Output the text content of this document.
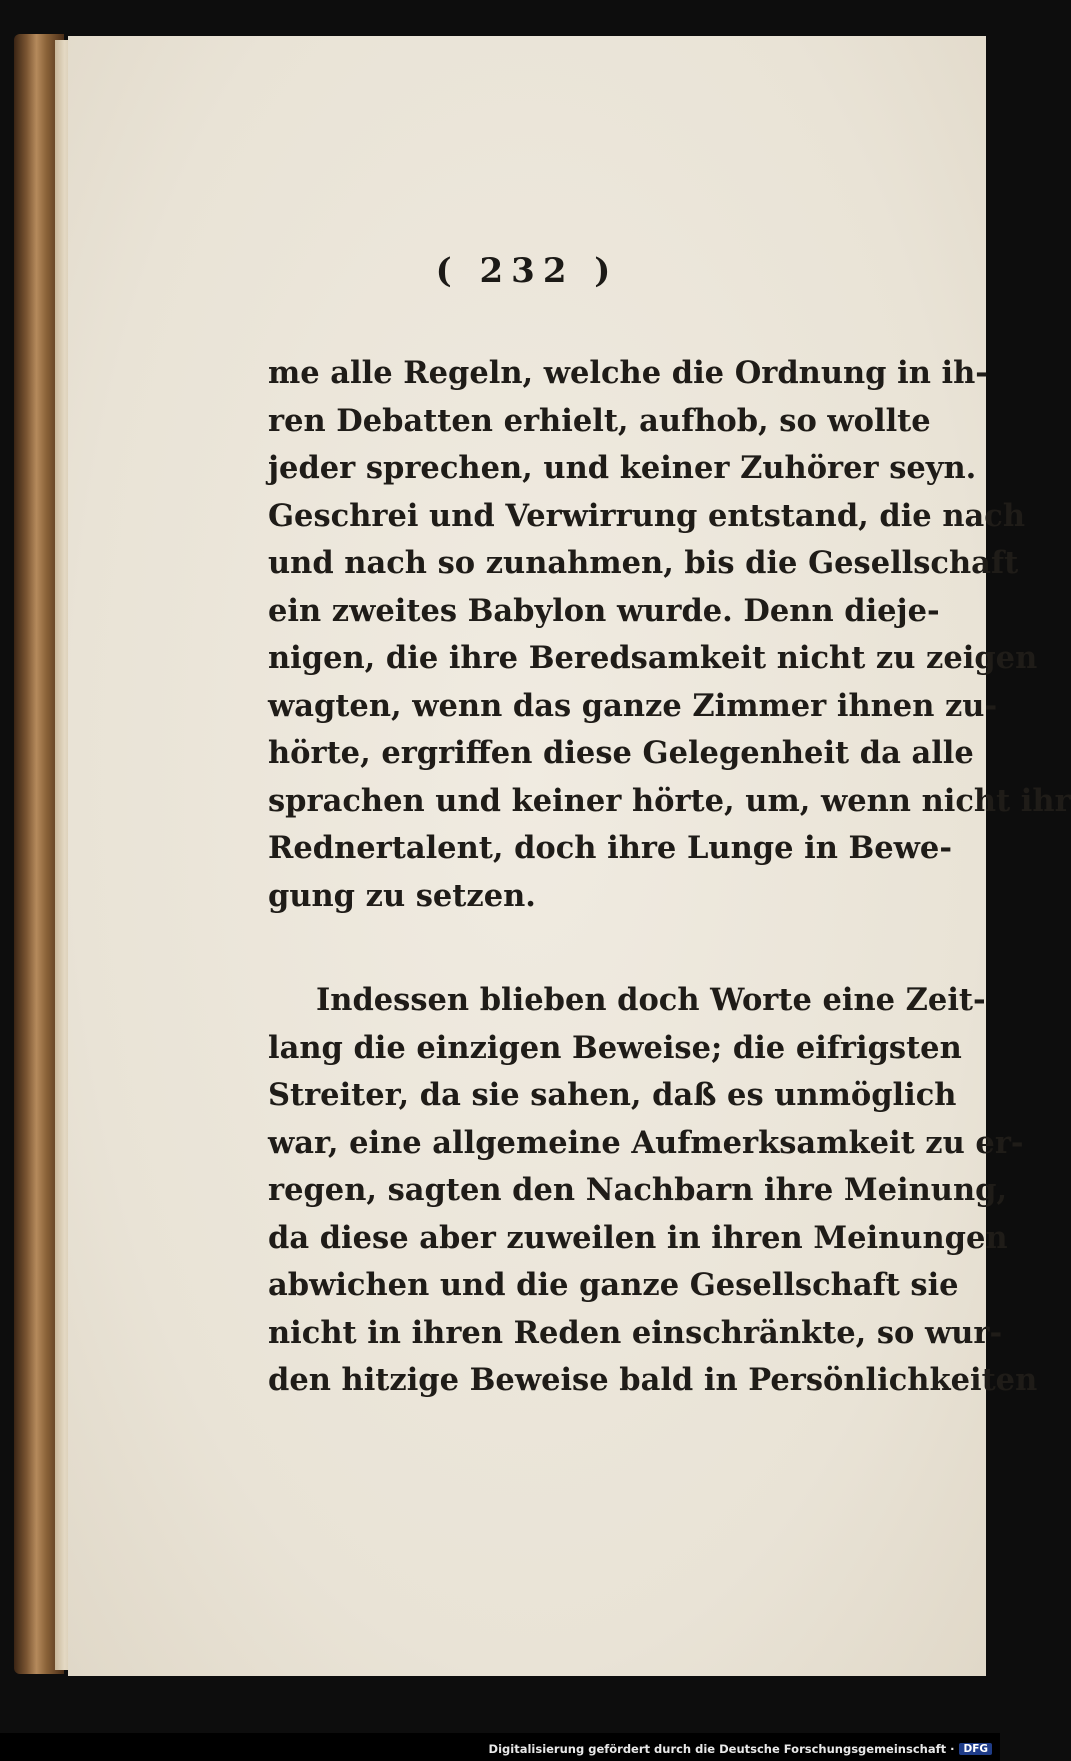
( 232 )
me alle Regeln, welche die Ordnung in ih-
ren Debatten erhielt, aufhob, so wollte
jeder sprechen, und keiner Zuhörer seyn.
Geschrei und Verwirrung entstand, die nach
und nach so zunahmen, bis die Gesellschaft
ein zweites Babylon wurde. Denn dieje-
nigen, die ihre Beredsamkeit nicht zu zeigen
wagten, wenn das ganze Zimmer ihnen zu-
hörte, ergriffen diese Gelegenheit da alle
sprachen und keiner hörte, um, wenn nicht ihr
Rednertalent, doch ihre Lunge in Bewe-
gung zu setzen.
Indessen blieben doch Worte eine Zeit-
lang die einzigen Beweise; die eifrigsten
Streiter, da sie sahen, daß es unmöglich
war, eine allgemeine Aufmerksamkeit zu er-
regen, sagten den Nachbarn ihre Meinung,
da diese aber zuweilen in ihren Meinungen
abwichen und die ganze Gesellschaft sie
nicht in ihren Reden einschränkte, so wur-
den hitzige Beweise bald in Persönlichkeiten
Digitalisierung gefördert durch die Deutsche Forschungsgemeinschaft · DFG
